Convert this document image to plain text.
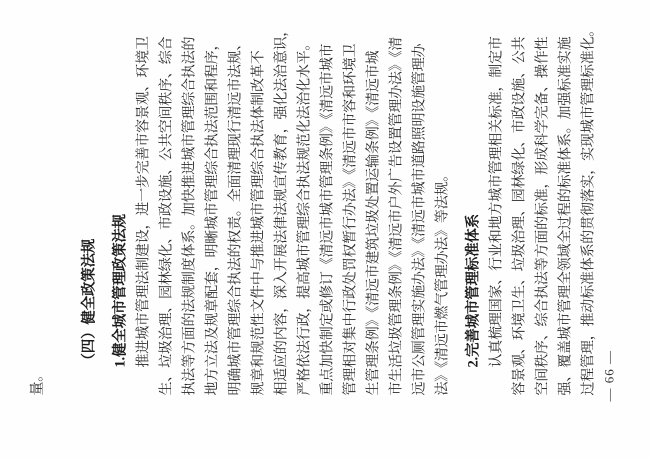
量。
（四）健全政策法规 1.健全城市管理政策法规 推进城市管理法制建设，进一步完善市容景观、环境卫 生、垃圾治理、园林绿化、市政设施、公共空间秩序、综合 执法等方面的法规制度体系。加快推进城市管理综合执法的 地方立法及规章配套，明晰城市管理综合执法范围和程序， 明确城市管理综合执法的权责。全面清理现行清远市法规、 规章和规范性文件中与推进城市管理综合执法体制改革不 相适应的内容，深入开展法律法规宣传教育，强化法治意识， 严格依法行政，提高城市管理综合执法规范化法治化水平。 重点加快制定或修订《清远市城市管理条例》《清远市城市 管理相对集中行政处罚权暂行办法》《清远市市容和环境卫 生管理条例》《清远市建筑垃圾处置运输条例》《清远市城 市生活垃圾管理条例》《清远市户外广告设置管理办法》《清 远市公厕管理实施办法》《清远市城市道路照明设施管理办 法》《清远市燃气管理办法》等法规。 2.完善城市管理标准体系 认真梳理国家、行业和地方城市管理相关标准，制定市 容景观、环境卫生、垃圾治理、园林绿化、市政设施、公共 空间秩序、综合执法等方面的标准，形成科学完备、操作性 强、覆盖城市管理全领域全过程的标准体系。加强标准实施 过程管理，推动标准体系的贯彻落实，实现城市管理标准化。 — 66 —
